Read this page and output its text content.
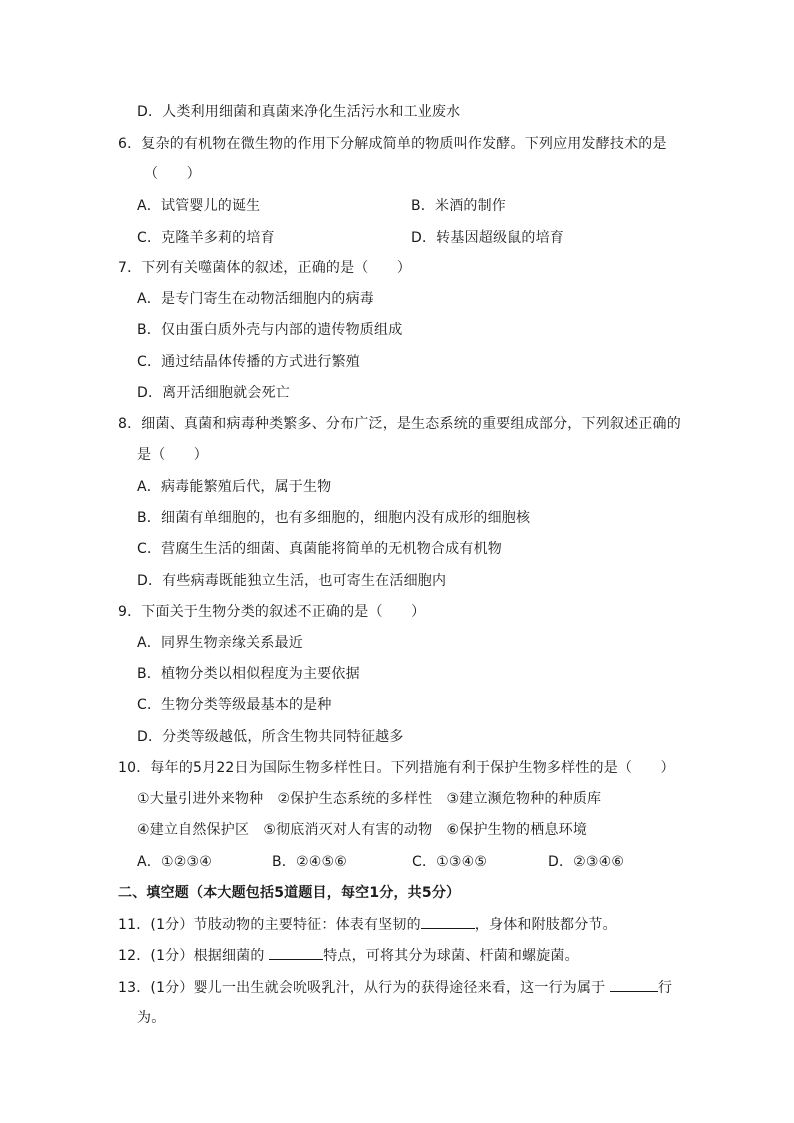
D．人类利用细菌和真菌来净化生活污水和工业废水
6．复杂的有机物在微生物的作用下分解成简单的物质叫作发酵。下列应用发酵技术的是
（　　）
A．试管婴儿的诞生	B．米酒的制作
C．克隆羊多莉的培育	D．转基因超级鼠的培育
7．下列有关噬菌体的叙述，正确的是（　　）
A．是专门寄生在动物活细胞内的病毒
B．仅由蛋白质外壳与内部的遗传物质组成
C．通过结晶体传播的方式进行繁殖
D．离开活细胞就会死亡
8．细菌、真菌和病毒种类繁多、分布广泛，是生态系统的重要组成部分，下列叙述正确的
是（　　）
A．病毒能繁殖后代，属于生物
B．细菌有单细胞的，也有多细胞的，细胞内没有成形的细胞核
C．营腐生生活的细菌、真菌能将简单的无机物合成有机物
D．有些病毒既能独立生活，也可寄生在活细胞内
9．下面关于生物分类的叙述不正确的是（　　）
A．同界生物亲缘关系最近
B．植物分类以相似程度为主要依据
C．生物分类等级最基本的是种
D．分类等级越低，所含生物共同特征越多
10．每年的5月22日为国际生物多样性日。下列措施有利于保护生物多样性的是（　　）
①大量引进外来物种　②保护生态系统的多样性　③建立濒危物种的种质库
④建立自然保护区　⑤彻底消灭对人有害的动物　⑥保护生物的栖息环境
A．①②③④	B．②④⑤⑥	C．①③④⑤	D．②③④⑥
二、填空题（本大题包括5道题目，每空1分，共5分）
11．(1分）节肢动物的主要特征：体表有坚韧的	，身体和附肢都分节。
12．(1分）根据细菌的	特点，可将其分为球菌、杆菌和螺旋菌。
13．(1分）婴儿一出生就会吮吸乳汁，从行为的获得途径来看，这一行为属于	行
为。
